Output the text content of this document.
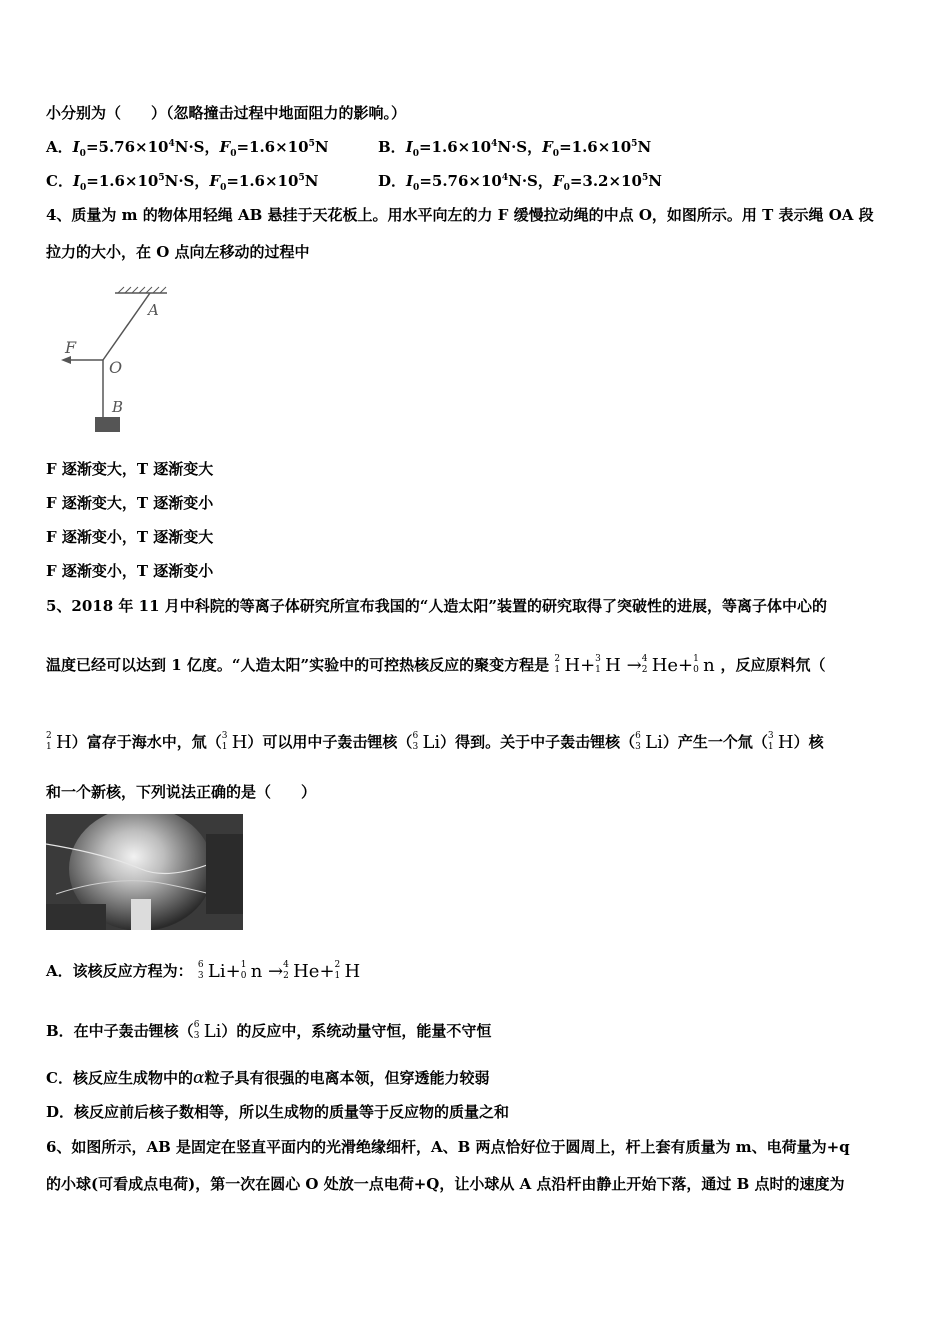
小分别为（　　）（忽略撞击过程中地面阻力的影响。）
A．$I_0=5.76\times 10^4N\cdot S$，$F_0=1.6\times 10^5N$	B．$I_0=1.6\times 10^4N\cdot S$，$F_0=1.6\times 10^5N$
C．$I_0=1.6\times 10^5N\cdot S$，$F_0=1.6\times 10^5N$	D．$I_0=5.76\times 10^4N\cdot S$，$F_0=3.2\times 10^5N$
4、质量为 m 的物体用轻绳 AB 悬挂于天花板上。用水平向左的力 F 缓慢拉动绳的中点 O，如图所示。用 T 表示绳 OA 段
拉力的大小，在 O 点向左移动的过程中
A
F
O
B
F 逐渐变大，T 逐渐变大
F 逐渐变大，T 逐渐变小
F 逐渐变小，T 逐渐变大
F 逐渐变小，T 逐渐变小
5、2018 年 11 月中科院的等离子体研究所宣布我国的“人造太阳”装置的研究取得了突破性的进展，等离子体中心的
温度已经可以达到 1 亿度。“人造太阳”实验中的可控热核反应的聚变方程是 2
1 H+ 3
1 H → 4
2 He+ 1
0 n ，反应原料氘（
2
1 H）富存于海水中，氚（ 3
1 H）可以用中子轰击锂核（ 6
3 Li）得到。关于中子轰击锂核（ 6
3 Li）产生一个氚（ 3
1 H）核
和一个新核，下列说法正确的是（　　）
A．该核反应方程为： 6
3 Li+ 1
0 n → 4
2 He+ 2
1 H
B．在中子轰击锂核（ 6
3 Li）的反应中，系统动量守恒，能量不守恒
C．核反应生成物中的α粒子具有很强的电离本领，但穿透能力较弱
D．核反应前后核子数相等，所以生成物的质量等于反应物的质量之和
6、如图所示，AB 是固定在竖直平面内的光滑绝缘细杆，A、B 两点恰好位于圆周上，杆上套有质量为 m、电荷量为+q
的小球(可看成点电荷)，第一次在圆心 O 处放一点电荷+Q，让小球从 A 点沿杆由静止开始下落，通过 B 点时的速度为
